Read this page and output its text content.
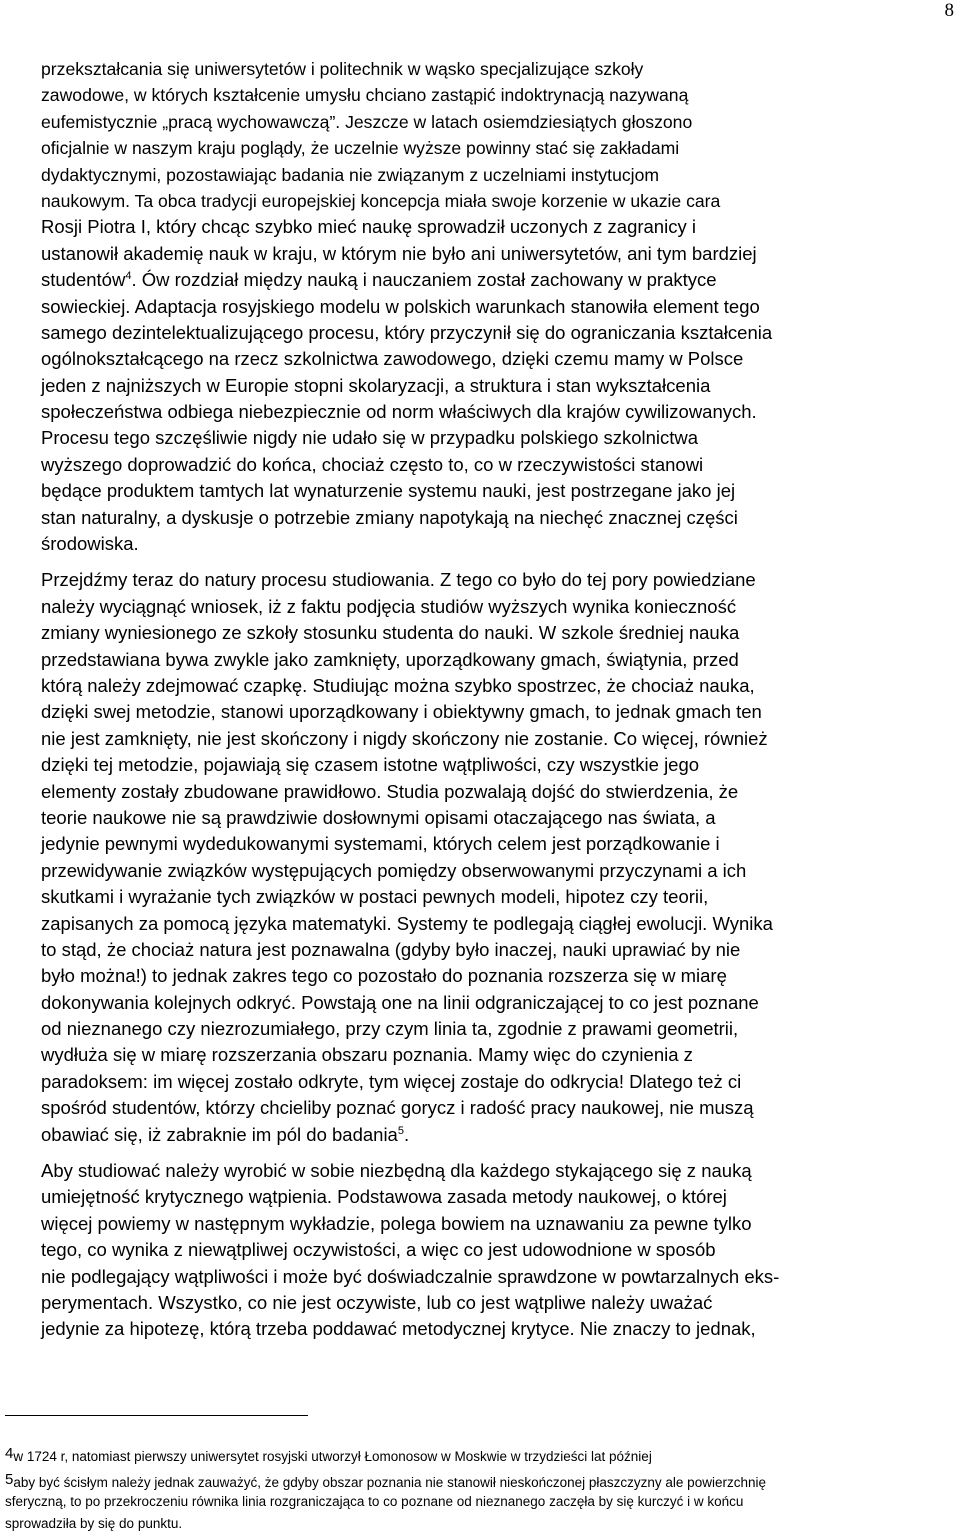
8
przekształcania się uniwersytetów i politechnik w wąsko specjalizujące szkoły
zawodowe, w których kształcenie umysłu chciano zastąpić indoktrynacją nazywaną
eufemistycznie „pracą wychowawczą”. Jeszcze w latach osiemdziesiątych głoszono
oficjalnie w naszym kraju poglądy, że uczelnie wyższe powinny stać się zakładami
dydaktycznymi, pozostawiając badania nie związanym z uczelniami instytucjom
naukowym. Ta obca tradycji europejskiej koncepcja miała swoje korzenie w ukazie cara
Rosji Piotra I, który chcąc szybko mieć naukę sprowadził uczonych z zagranicy i
ustanowił akademię nauk w kraju, w którym nie było ani uniwersytetów, ani tym bardziej
studentów$^4$. Ów rozdział między nauką i nauczaniem został zachowany w praktyce
sowieckiej. Adaptacja rosyjskiego modelu w polskich warunkach stanowiła element tego
samego dezintelektualizującego procesu, który przyczynił się do ograniczania kształcenia
ogólnokształcącego na rzecz szkolnictwa zawodowego, dzięki czemu mamy w Polsce
jeden z najniższych w Europie stopni skolaryzacji, a struktura i stan wykształcenia
społeczeństwa odbiega niebezpiecznie od norm właściwych dla krajów cywilizowanych.
Procesu tego szczęśliwie nigdy nie udało się w przypadku polskiego szkolnictwa
wyższego doprowadzić do końca, chociaż często to, co w rzeczywistości stanowi
będące produktem tamtych lat wynaturzenie systemu nauki, jest postrzegane jako jej
stan naturalny, a dyskusje o potrzebie zmiany napotykają na niechęć znacznej części
środowiska.
Przejdźmy teraz do natury procesu studiowania. Z tego co było do tej pory powiedziane
należy wyciągnąć wniosek, iż z faktu podjęcia studiów wyższych wynika konieczność
zmiany wyniesionego ze szkoły stosunku studenta do nauki. W szkole średniej nauka
przedstawiana bywa zwykle jako zamknięty, uporządkowany gmach, świątynia, przed
którą należy zdejmować czapkę. Studiując można szybko spostrzec, że chociaż nauka,
dzięki swej metodzie, stanowi uporządkowany i obiektywny gmach, to jednak gmach ten
nie jest zamknięty, nie jest skończony i nigdy skończony nie zostanie. Co więcej, również
dzięki tej metodzie, pojawiają się czasem istotne wątpliwości, czy wszystkie jego
elementy zostały zbudowane prawidłowo. Studia pozwalają dojść do stwierdzenia, że
teorie naukowe nie są prawdziwie dosłownymi opisami otaczającego nas świata, a
jedynie pewnymi wydedukowanymi systemami, których celem jest porządkowanie i
przewidywanie związków występujących pomiędzy obserwowanymi przyczynami a ich
skutkami i wyrażanie tych związków w postaci pewnych modeli, hipotez czy teorii,
zapisanych za pomocą języka matematyki. Systemy te podlegają ciągłej ewolucji. Wynika
to stąd, że chociaż natura jest poznawalna (gdyby było inaczej, nauki uprawiać by nie
było można!) to jednak zakres tego co pozostało do poznania rozszerza się w miarę
dokonywania kolejnych odkryć. Powstają one na linii odgraniczającej to co jest poznane
od nieznanego czy niezrozumiałego, przy czym linia ta, zgodnie z prawami geometrii,
wydłuża się w miarę rozszerzania obszaru poznania. Mamy więc do czynienia z
paradoksem: im więcej zostało odkryte, tym więcej zostaje do odkrycia! Dlatego też ci
spośród studentów, którzy chcieliby poznać gorycz i radość pracy naukowej, nie muszą
obawiać się, iż zabraknie im pól do badania$^5$.
Aby studiować należy wyrobić w sobie niezbędną dla każdego stykającego się z nauką
umiejętność krytycznego wątpienia. Podstawowa zasada metody naukowej, o której
więcej powiemy w następnym wykładzie, polega bowiem na uznawaniu za pewne tylko
tego, co wynika z niewątpliwej oczywistości, a więc co jest udowodnione w sposób
nie podlegający wątpliwości i może być doświadczalnie sprawdzone w powtarzalnych eks-
perymentach. Wszystko, co nie jest oczywiste, lub co jest wątpliwe należy uważać
jedynie za hipotezę, którą trzeba poddawać metodycznej krytyce. Nie znaczy to jednak,
4w 1724 r, natomiast pierwszy uniwersytet rosyjski utworzył Łomonosow w Moskwie w trzydzieści lat później
5aby być ścisłym należy jednak zauważyć, że gdyby obszar poznania nie stanowił nieskończonej płaszczyzny ale powierzchnię
sferyczną, to po przekroczeniu równika linia rozgraniczająca to co poznane od nieznanego zaczęła by się kurczyć i w końcu
sprowadziła by się do punktu.
